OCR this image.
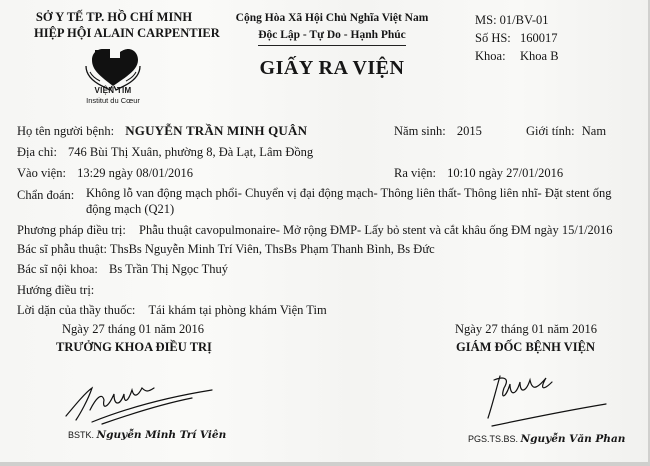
SỞ Y TẾ TP. HỒ CHÍ MINH
HIỆP HỘI ALAIN CARPENTIER
VIỆN TIM
Institut du Cœur
Cộng Hòa Xã Hội Chủ Nghĩa Việt Nam
Độc Lập - Tự Do - Hạnh Phúc
GIẤY RA VIỆN
MS: 01/BV-01
Số HS: 160017
Khoa: Khoa B
Họ tên người bệnh: NGUYỄN TRẦN MINH QUÂN	Năm sinh: 2015	Giới tính: Nam
Địa chỉ: 746 Bùi Thị Xuân, phường 8, Đà Lạt, Lâm Đồng
Vào viện: 13:29 ngày 08/01/2016	Ra viện: 10:10 ngày 27/01/2016
Chẩn đoán: Không lỗ van động mạch phổi- Chuyển vị đại động mạch- Thông liên thất- Thông liên nhĩ- Đặt stent ống
động mạch (Q21)
Phương pháp điều trị: Phẫu thuật cavopulmonaire- Mở rộng ĐMP- Lấy bỏ stent và cắt khâu ống ĐM ngày 15/1/2016
Bác sĩ phẫu thuật: ThsBs Nguyễn Minh Trí Viên, ThsBs Phạm Thanh Bình, Bs Đức
Bác sĩ nội khoa: Bs Trần Thị Ngọc Thuý
Hướng điều trị:
Lời dặn của thầy thuốc: Tái khám tại phòng khám Viện Tim
Ngày 27 tháng 01 năm 2016
TRƯỞNG KHOA ĐIỀU TRỊ
BSTK. Nguyễn Minh Trí Viên
Ngày 27 tháng 01 năm 2016
GIÁM ĐỐC BỆNH VIỆN
PGS.TS.BS. Nguyễn Văn Phan
